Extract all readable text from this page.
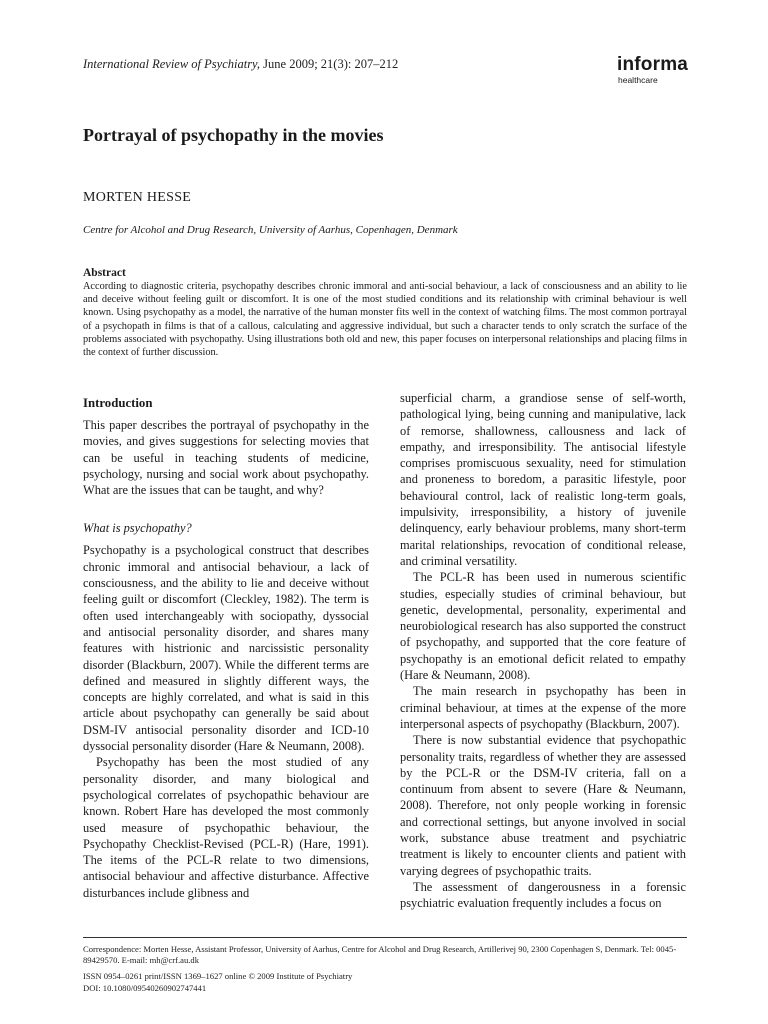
International Review of Psychiatry, June 2009; 21(3): 207–212	informa
healthcare
Portrayal of psychopathy in the movies

MORTEN HESSE

Centre for Alcohol and Drug Research, University of Aarhus, Copenhagen, Denmark

Abstract

According to diagnostic criteria, psychopathy describes chronic immoral and anti-social behaviour, a lack of consciousness and an ability to lie and deceive without feeling guilt or discomfort. It is one of the most studied conditions and its relationship with criminal behaviour is well known. Using psychopathy as a model, the narrative of the human monster fits well in the context of watching films. The most common portrayal of a psychopath in films is that of a callous, calculating and aggressive individual, but such a character tends to only scratch the surface of the problems associated with psychopathy. Using illustrations both old and new, this paper focuses on interpersonal relationships and placing films in the context of further discussion.

Introduction

This paper describes the portrayal of psychopathy in the movies, and gives suggestions for selecting movies that can be useful in teaching students of medicine, psychology, nursing and social work about psychopathy. What are the issues that can be taught, and why?

What is psychopathy?

Psychopathy is a psychological construct that describes chronic immoral and antisocial behaviour, a lack of consciousness, and the ability to lie and deceive without feeling guilt or discomfort (Cleckley, 1982). The term is often used interchangeably with sociopathy, dyssocial and antisocial personality disorder, and shares many features with histrionic and narcissistic personality disorder (Blackburn, 2007). While the different terms are defined and measured in slightly different ways, the concepts are highly correlated, and what is said in this article about psychopathy can generally be said about DSM-IV antisocial personality disorder and ICD-10 dyssocial personality disorder (Hare & Neumann, 2008).

Psychopathy has been the most studied of any personality disorder, and many biological and psychological correlates of psychopathic behaviour are known. Robert Hare has developed the most commonly used measure of psychopathic behaviour, the Psychopathy Checklist-Revised (PCL-R) (Hare, 1991). The items of the PCL-R relate to two dimensions, antisocial behaviour and affective disturbance. Affective disturbances include glibness and

superficial charm, a grandiose sense of self-worth, pathological lying, being cunning and manipulative, lack of remorse, shallowness, callousness and lack of empathy, and irresponsibility. The antisocial lifestyle comprises promiscuous sexuality, need for stimulation and proneness to boredom, a parasitic lifestyle, poor behavioural control, lack of realistic long-term goals, impulsivity, irresponsibility, a history of juvenile delinquency, early behaviour problems, many short-term marital relationships, revocation of conditional release, and criminal versatility.

The PCL-R has been used in numerous scientific studies, especially studies of criminal behaviour, but genetic, developmental, personality, experimental and neurobiological research has also supported the construct of psychopathy, and supported that the core feature of psychopathy is an emotional deficit related to empathy (Hare & Neumann, 2008).

The main research in psychopathy has been in criminal behaviour, at times at the expense of the more interpersonal aspects of psychopathy (Blackburn, 2007).

There is now substantial evidence that psychopathic personality traits, regardless of whether they are assessed by the PCL-R or the DSM-IV criteria, fall on a continuum from absent to severe (Hare & Neumann, 2008). Therefore, not only people working in forensic and correctional settings, but anyone involved in social work, substance abuse treatment and psychiatric treatment is likely to encounter clients and patient with varying degrees of psychopathic traits.

The assessment of dangerousness in a forensic psychiatric evaluation frequently includes a focus on

Correspondence: Morten Hesse, Assistant Professor, University of Aarhus, Centre for Alcohol and Drug Research, Artillerivej 90, 2300 Copenhagen S, Denmark. Tel: 0045-89429570. E-mail: mh@crf.au.dk

ISSN 0954–0261 print/ISSN 1369–1627 online © 2009 Institute of Psychiatry

DOI: 10.1080/09540260902747441
